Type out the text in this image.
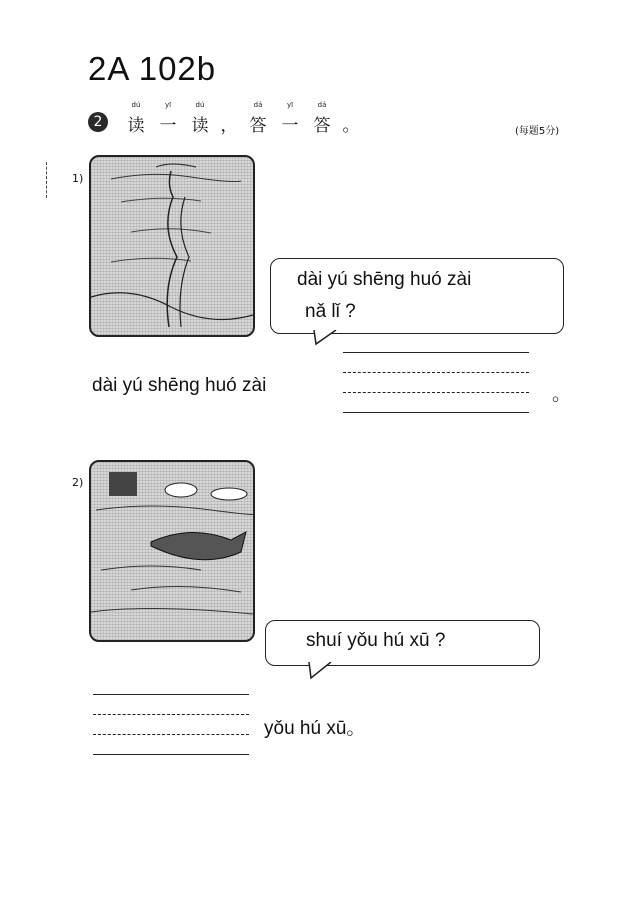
2A 102b
2
dú
读
yī
一
dú
读 ，
dá
答
yī
一
dá
答 。	(每题5分)
1)
dài yú shēng huó zài
nǎ lǐ ?
dài yú shēng huó zài	。
2)
shuí yǒu hú xū ?
yǒu hú xū。
